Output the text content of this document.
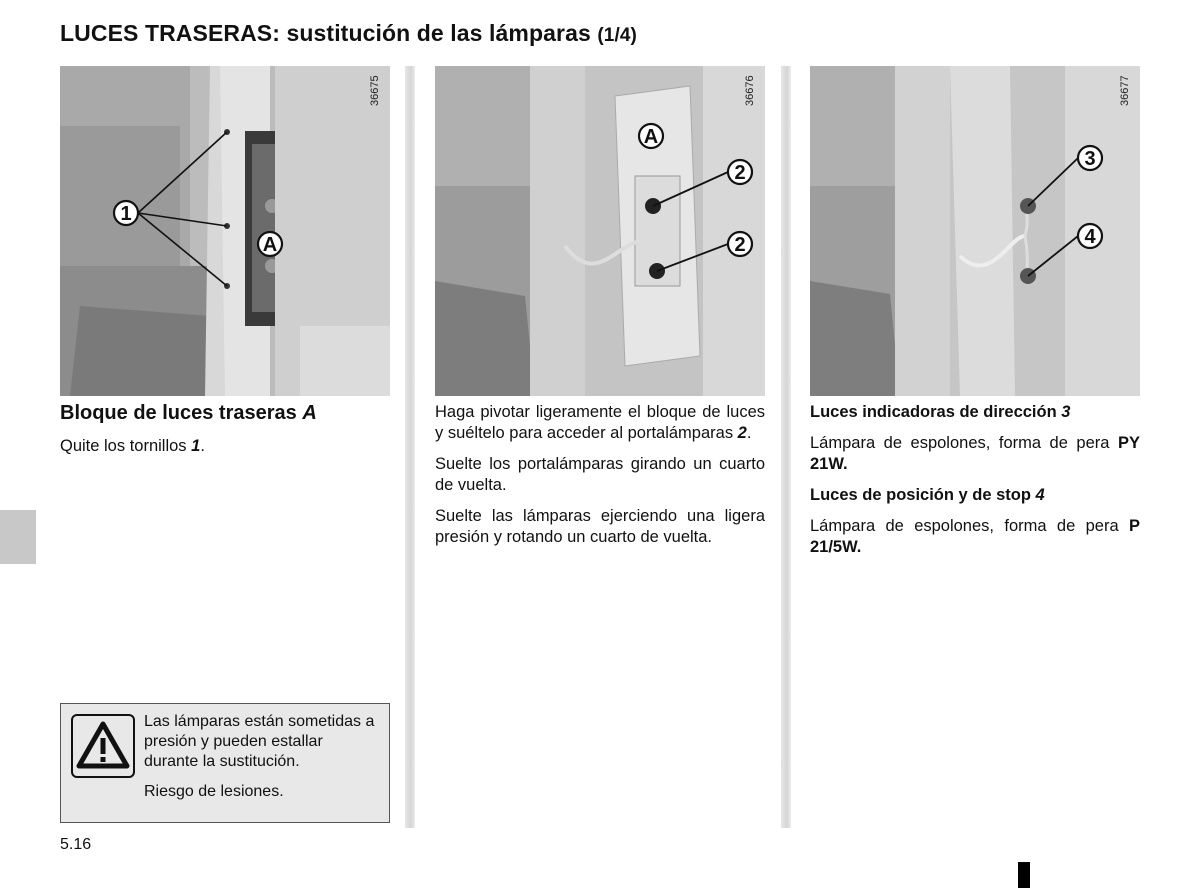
LUCES TRASERAS: sustitución de las lámparas (1/4)
1
A
36675
A
2
2
36676
3
4
36677
Bloque de luces traseras A

Quite los tornillos 1.

Haga pivotar ligeramente el bloque de luces y suéltelo para acceder al portalámparas 2.

Suelte los portalámparas girando un cuarto de vuelta.

Suelte las lámparas ejerciendo una ligera presión y rotando un cuarto de vuelta.

Luces indicadoras de dirección 3

Lámpara de espolones, forma de pera PY 21W.

Luces de posición y de stop 4

Lámpara de espolones, forma de pera P 21/5W.

Las lámparas están sometidas a presión y pueden estallar durante la sustitución.

Riesgo de lesiones.

5.16
